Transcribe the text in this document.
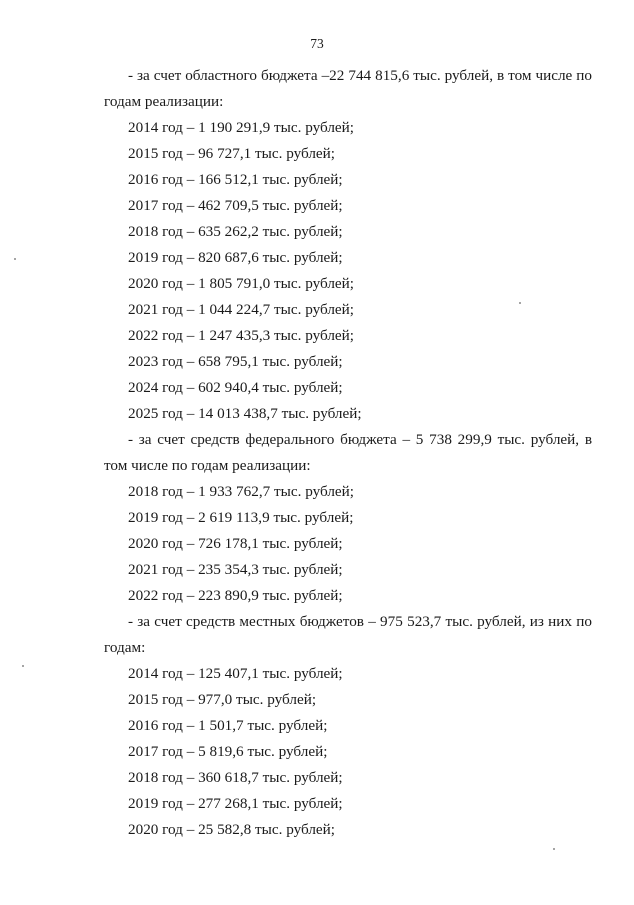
73

- за счет областного бюджета –22 744 815,6 тыс. рублей, в том числе по годам реализации:

2014 год – 1 190 291,9 тыс. рублей;

2015 год – 96 727,1 тыс. рублей;

2016 год – 166 512,1 тыс. рублей;

2017 год – 462 709,5 тыс. рублей;

2018 год – 635 262,2 тыс. рублей;

2019 год – 820 687,6 тыс. рублей;

2020 год – 1 805 791,0 тыс. рублей;

2021 год – 1 044 224,7 тыс. рублей;

2022 год – 1 247 435,3 тыс. рублей;

2023 год – 658 795,1 тыс. рублей;

2024 год – 602 940,4 тыс. рублей;

2025 год – 14 013 438,7 тыс. рублей;

- за счет средств федерального бюджета – 5 738 299,9 тыс. рублей, в том числе по годам реализации:

2018 год – 1 933 762,7 тыс. рублей;

2019 год – 2 619 113,9 тыс. рублей;

2020 год – 726 178,1 тыс. рублей;

2021 год – 235 354,3 тыс. рублей;

2022 год – 223 890,9 тыс. рублей;

- за счет средств местных бюджетов – 975 523,7 тыс. рублей, из них по годам:

2014 год – 125 407,1 тыс. рублей;

2015 год – 977,0 тыс. рублей;

2016 год – 1 501,7 тыс. рублей;

2017 год – 5 819,6 тыс. рублей;

2018 год – 360 618,7 тыс. рублей;

2019 год – 277 268,1 тыс. рублей;

2020 год – 25 582,8 тыс. рублей;
